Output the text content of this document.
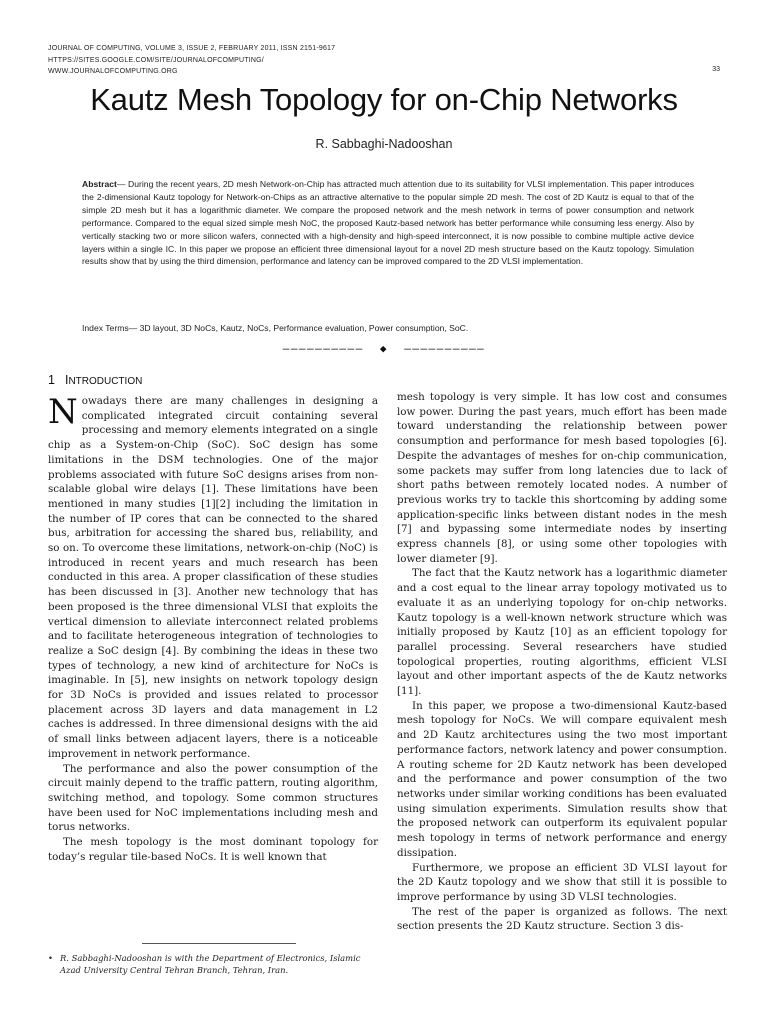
JOURNAL OF COMPUTING, VOLUME 3, ISSUE 2, FEBRUARY 2011, ISSN 2151-9617
HTTPS://SITES.GOOGLE.COM/SITE/JOURNALOFCOMPUTING/
WWW.JOURNALOFCOMPUTING.ORG	33
Kautz Mesh Topology for on-Chip Networks
R. Sabbaghi-Nadooshan

Abstract— During the recent years, 2D mesh Network-on-Chip has attracted much attention due to its suitability for VLSI implementation. This paper introduces the 2-dimensional Kautz topology for Network-on-Chips as an attractive alternative to the popular simple 2D mesh. The cost of 2D Kautz is equal to that of the simple 2D mesh but it has a logarithmic diameter. We compare the proposed network and the mesh network in terms of power consumption and network performance. Compared to the equal sized simple mesh NoC, the proposed Kautz-based network has better performance while consuming less energy. Also by vertically stacking two or more silicon wafers, connected with a high-density and high-speed interconnect, it is now possible to combine multiple active device layers within a single IC. In this paper we propose an efficient three dimensional layout for a novel 2D mesh structure based on the Kautz topology. Simulation results show that by using the third dimension, performance and latency can be improved compared to the 2D VLSI implementation.

Index Terms— 3D layout, 3D NoCs, Kautz, NoCs, Performance evaluation, Power consumption, SoC.

——————————  ◆  ——————————
1 INTRODUCTION

Nowadays there are many challenges in designing a complicated integrated circuit containing several processing and memory elements integrated on a single chip as a System-on-Chip (SoC). SoC design has some limitations in the DSM technologies. One of the major problems associated with future SoC designs arises from non-scalable global wire delays [1]. These limitations have been mentioned in many studies [1][2] including the limitation in the number of IP cores that can be connected to the shared bus, arbitration for accessing the shared bus, reliability, and so on. To overcome these limitations, network-on-chip (NoC) is introduced in recent years and much research has been conducted in this area. A proper classification of these studies has been discussed in [3]. Another new technology that has been proposed is the three dimensional VLSI that exploits the vertical dimension to alleviate interconnect related problems and to facilitate heterogeneous integration of technologies to realize a SoC design [4]. By combining the ideas in these two types of technology, a new kind of architecture for NoCs is imaginable. In [5], new insights on network topology design for 3D NoCs is provided and issues related to processor placement across 3D layers and data management in L2 caches is addressed. In three dimensional designs with the aid of small links between adjacent layers, there is a noticeable improvement in network performance.

The performance and also the power consumption of the circuit mainly depend to the traffic pattern, routing algorithm, switching method, and topology. Some common structures have been used for NoC implementations including mesh and torus networks.

The mesh topology is the most dominant topology for today’s regular tile-based NoCs. It is well known that

mesh topology is very simple. It has low cost and consumes low power. During the past years, much effort has been made toward understanding the relationship between power consumption and performance for mesh based topologies [6]. Despite the advantages of meshes for on-chip communication, some packets may suffer from long latencies due to lack of short paths between remotely located nodes. A number of previous works try to tackle this shortcoming by adding some application-specific links between distant nodes in the mesh [7] and bypassing some intermediate nodes by inserting express channels [8], or using some other topologies with lower diameter [9].

The fact that the Kautz network has a logarithmic diameter and a cost equal to the linear array topology motivated us to evaluate it as an underlying topology for on-chip networks. Kautz topology is a well-known network structure which was initially proposed by Kautz [10] as an efficient topology for parallel processing. Several researchers have studied topological properties, routing algorithms, efficient VLSI layout and other important aspects of the de Kautz networks [11].

In this paper, we propose a two-dimensional Kautz-based mesh topology for NoCs. We will compare equivalent mesh and 2D Kautz architectures using the two most important performance factors, network latency and power consumption. A routing scheme for 2D Kautz network has been developed and the performance and power consumption of the two networks under similar working conditions has been evaluated using simulation experiments. Simulation results show that the proposed network can outperform its equivalent popular mesh topology in terms of network performance and energy dissipation.

Furthermore, we propose an efficient 3D VLSI layout for the 2D Kautz topology and we show that still it is possible to improve performance by using 3D VLSI technologies.

The rest of the paper is organized as follows. The next section presents the 2D Kautz structure. Section 3 dis-

• R. Sabbaghi-Nadooshan is with the Department of Electronics, Islamic
Azad University Central Tehran Branch, Tehran, Iran.
